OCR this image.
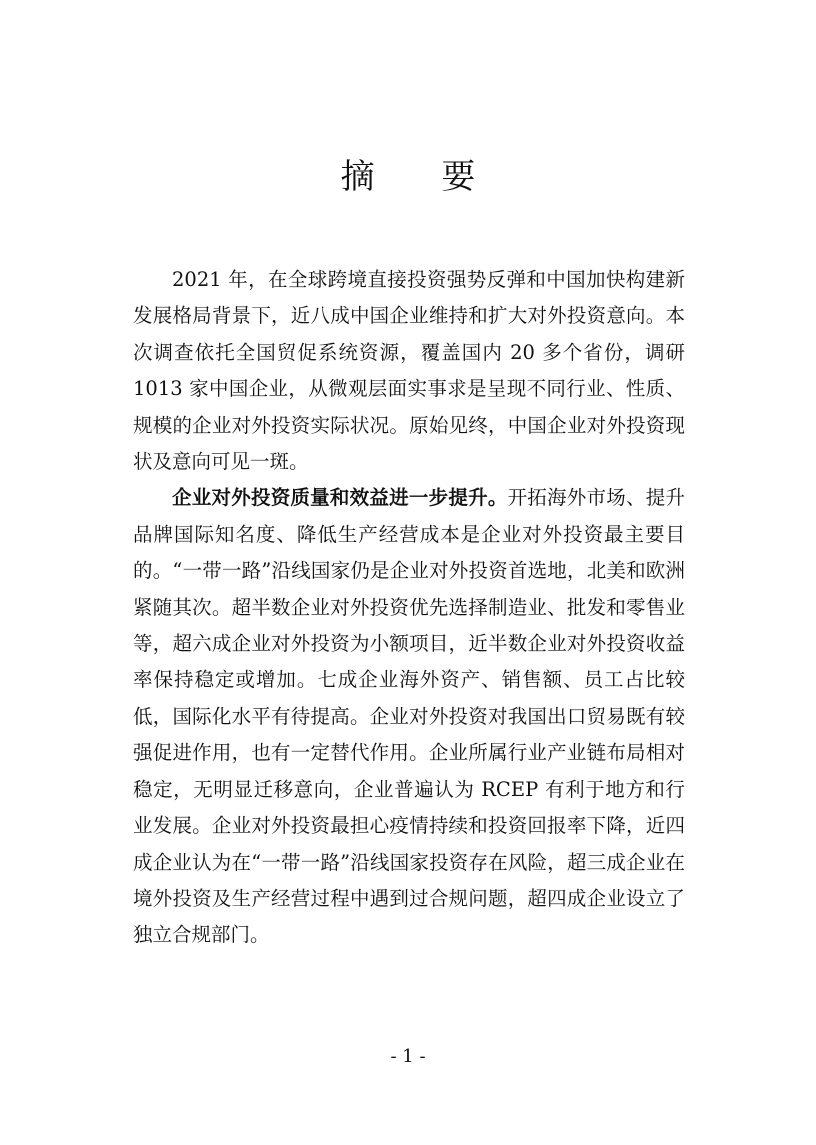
摘 要

2021 年，在全球跨境直接投资强势反弹和中国加快构建新发展格局背景下，近八成中国企业维持和扩大对外投资意向。本次调查依托全国贸促系统资源，覆盖国内 20 多个省份，调研 1013 家中国企业，从微观层面实事求是呈现不同行业、性质、规模的企业对外投资实际状况。原始见终，中国企业对外投资现状及意向可见一斑。

企业对外投资质量和效益进一步提升。开拓海外市场、提升品牌国际知名度、降低生产经营成本是企业对外投资最主要目的。“一带一路”沿线国家仍是企业对外投资首选地，北美和欧洲紧随其次。超半数企业对外投资优先选择制造业、批发和零售业等，超六成企业对外投资为小额项目，近半数企业对外投资收益率保持稳定或增加。七成企业海外资产、销售额、员工占比较低，国际化水平有待提高。企业对外投资对我国出口贸易既有较强促进作用，也有一定替代作用。企业所属行业产业链布局相对稳定，无明显迁移意向，企业普遍认为 RCEP 有利于地方和行业发展。企业对外投资最担心疫情持续和投资回报率下降，近四成企业认为在“一带一路”沿线国家投资存在风险，超三成企业在境外投资及生产经营过程中遇到过合规问题，超四成企业设立了独立合规部门。

- 1 -
